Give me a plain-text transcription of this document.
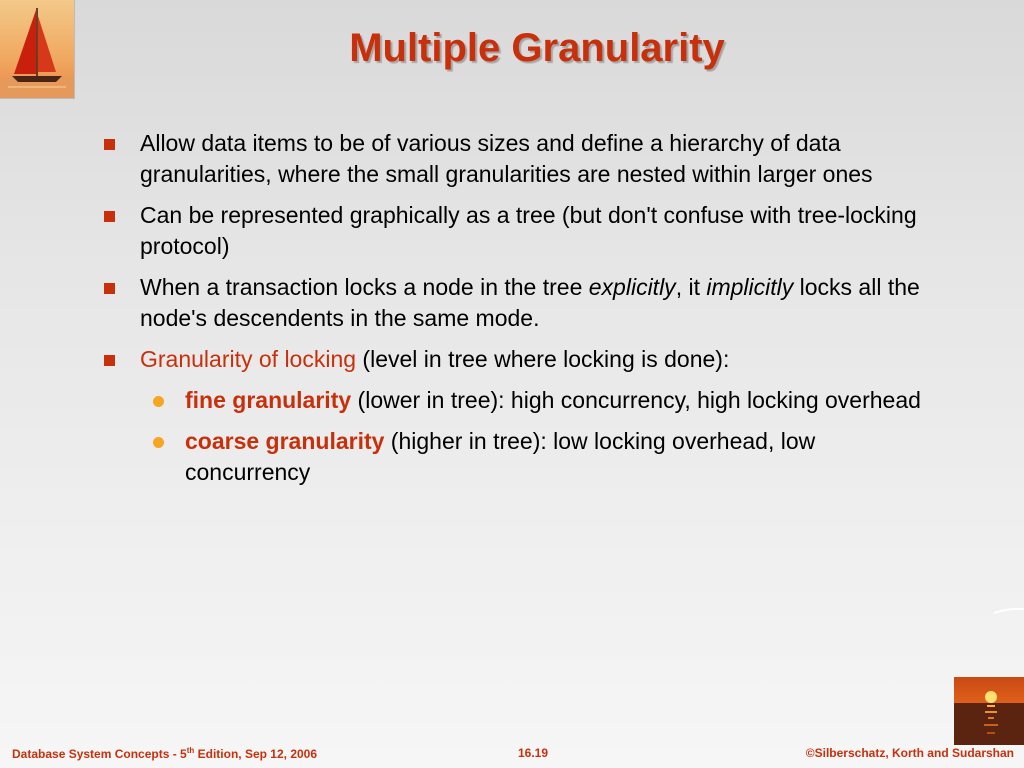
Multiple Granularity
Allow data items to be of various sizes and define a hierarchy of data granularities, where the small granularities are nested within larger ones
Can be represented graphically as a tree (but don't confuse with tree-locking protocol)
When a transaction locks a node in the tree explicitly, it implicitly locks all the node's descendents in the same mode.
Granularity of locking (level in tree where locking is done):
fine granularity (lower in tree): high concurrency, high locking overhead
coarse granularity (higher in tree): low locking overhead, low concurrency
Database System Concepts - 5th Edition, Sep 12, 2006	16.19	©Silberschatz, Korth and Sudarshan
